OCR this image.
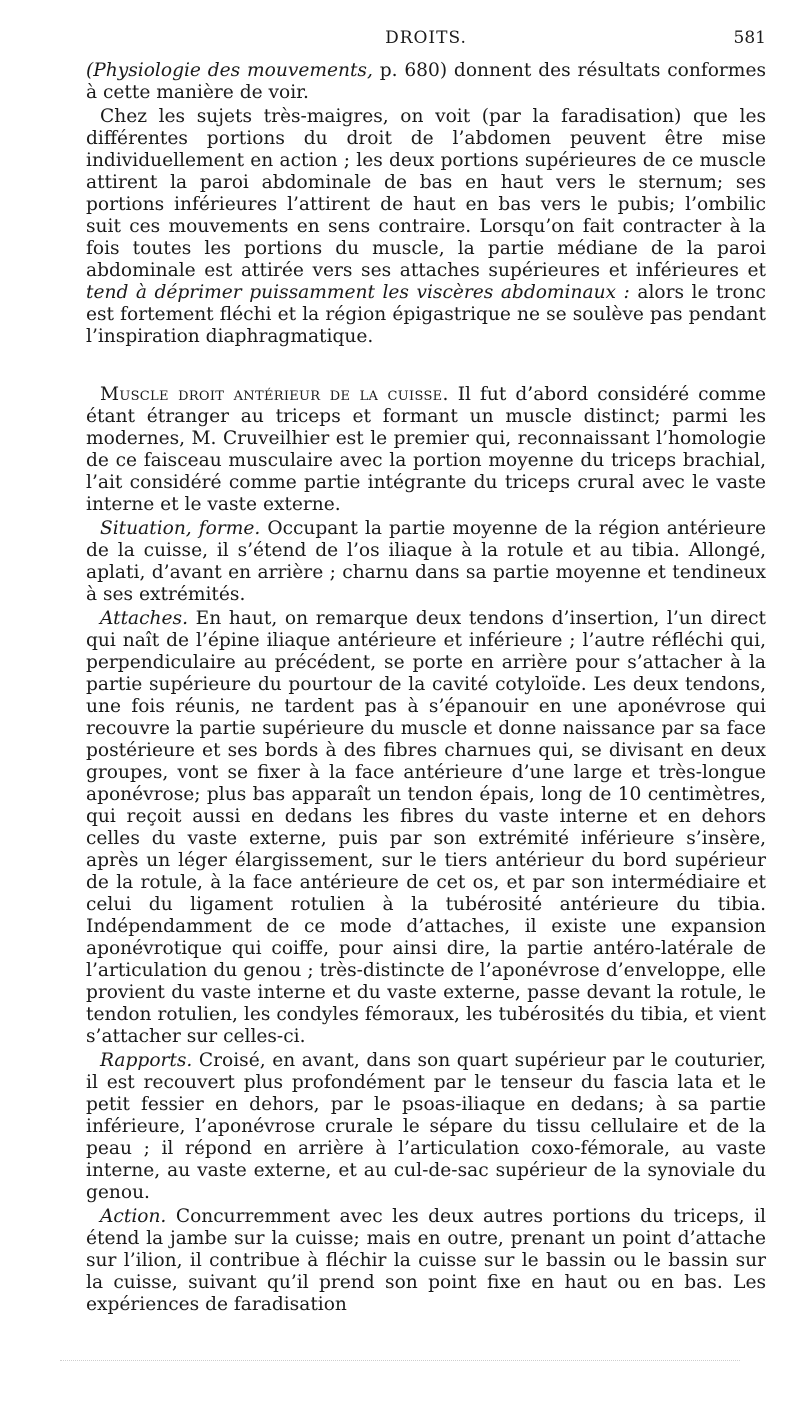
DROITS.	581

(Physiologie des mouvements, p. 680) donnent des résultats conformes à cette manière de voir.

Chez les sujets très-maigres, on voit (par la faradisation) que les différentes portions du droit de l’abdomen peuvent être mise individuellement en action ; les deux portions supérieures de ce muscle attirent la paroi abdominale de bas en haut vers le sternum; ses portions inférieures l’attirent de haut en bas vers le pubis; l’ombilic suit ces mouvements en sens contraire. Lorsqu’on fait contracter à la fois toutes les portions du muscle, la partie médiane de la paroi abdominale est attirée vers ses attaches supérieures et inférieures et tend à déprimer puissamment les viscères abdominaux : alors le tronc est fortement fléchi et la région épigastrique ne se soulève pas pendant l’inspiration diaphragmatique.

Muscle droit antérieur de la cuisse. Il fut d’abord considéré comme étant étranger au triceps et formant un muscle distinct; parmi les modernes, M. Cruveilhier est le premier qui, reconnaissant l’homologie de ce faisceau musculaire avec la portion moyenne du triceps brachial, l’ait considéré comme partie intégrante du triceps crural avec le vaste interne et le vaste externe.

Situation, forme. Occupant la partie moyenne de la région antérieure de la cuisse, il s’étend de l’os iliaque à la rotule et au tibia. Allongé, aplati, d’avant en arrière ; charnu dans sa partie moyenne et tendineux à ses extrémités.

Attaches. En haut, on remarque deux tendons d’insertion, l’un direct qui naît de l’épine iliaque antérieure et inférieure ; l’autre réfléchi qui, perpendiculaire au précédent, se porte en arrière pour s’attacher à la partie supérieure du pourtour de la cavité cotyloïde. Les deux tendons, une fois réunis, ne tardent pas à s’épanouir en une aponévrose qui recouvre la partie supérieure du muscle et donne naissance par sa face postérieure et ses bords à des fibres charnues qui, se divisant en deux groupes, vont se fixer à la face antérieure d’une large et très-longue aponévrose; plus bas apparaît un tendon épais, long de 10 centimètres, qui reçoit aussi en dedans les fibres du vaste interne et en dehors celles du vaste externe, puis par son extrémité inférieure s’insère, après un léger élargissement, sur le tiers antérieur du bord supérieur de la rotule, à la face antérieure de cet os, et par son intermédiaire et celui du ligament rotulien à la tubérosité antérieure du tibia. Indépendamment de ce mode d’attaches, il existe une expansion aponévrotique qui coiffe, pour ainsi dire, la partie antéro-latérale de l’articulation du genou ; très-distincte de l’aponévrose d’enveloppe, elle provient du vaste interne et du vaste externe, passe devant la rotule, le tendon rotulien, les condyles fémoraux, les tubérosités du tibia, et vient s’attacher sur celles-ci.

Rapports. Croisé, en avant, dans son quart supérieur par le couturier, il est recouvert plus profondément par le tenseur du fascia lata et le petit fessier en dehors, par le psoas-iliaque en dedans; à sa partie inférieure, l’aponévrose crurale le sépare du tissu cellulaire et de la peau ; il répond en arrière à l’articulation coxo-fémorale, au vaste interne, au vaste externe, et au cul-de-sac supérieur de la synoviale du genou.

Action. Concurremment avec les deux autres portions du triceps, il étend la jambe sur la cuisse; mais en outre, prenant un point d’attache sur l’ilion, il contribue à fléchir la cuisse sur le bassin ou le bassin sur la cuisse, suivant qu’il prend son point fixe en haut ou en bas. Les expériences de faradisation
